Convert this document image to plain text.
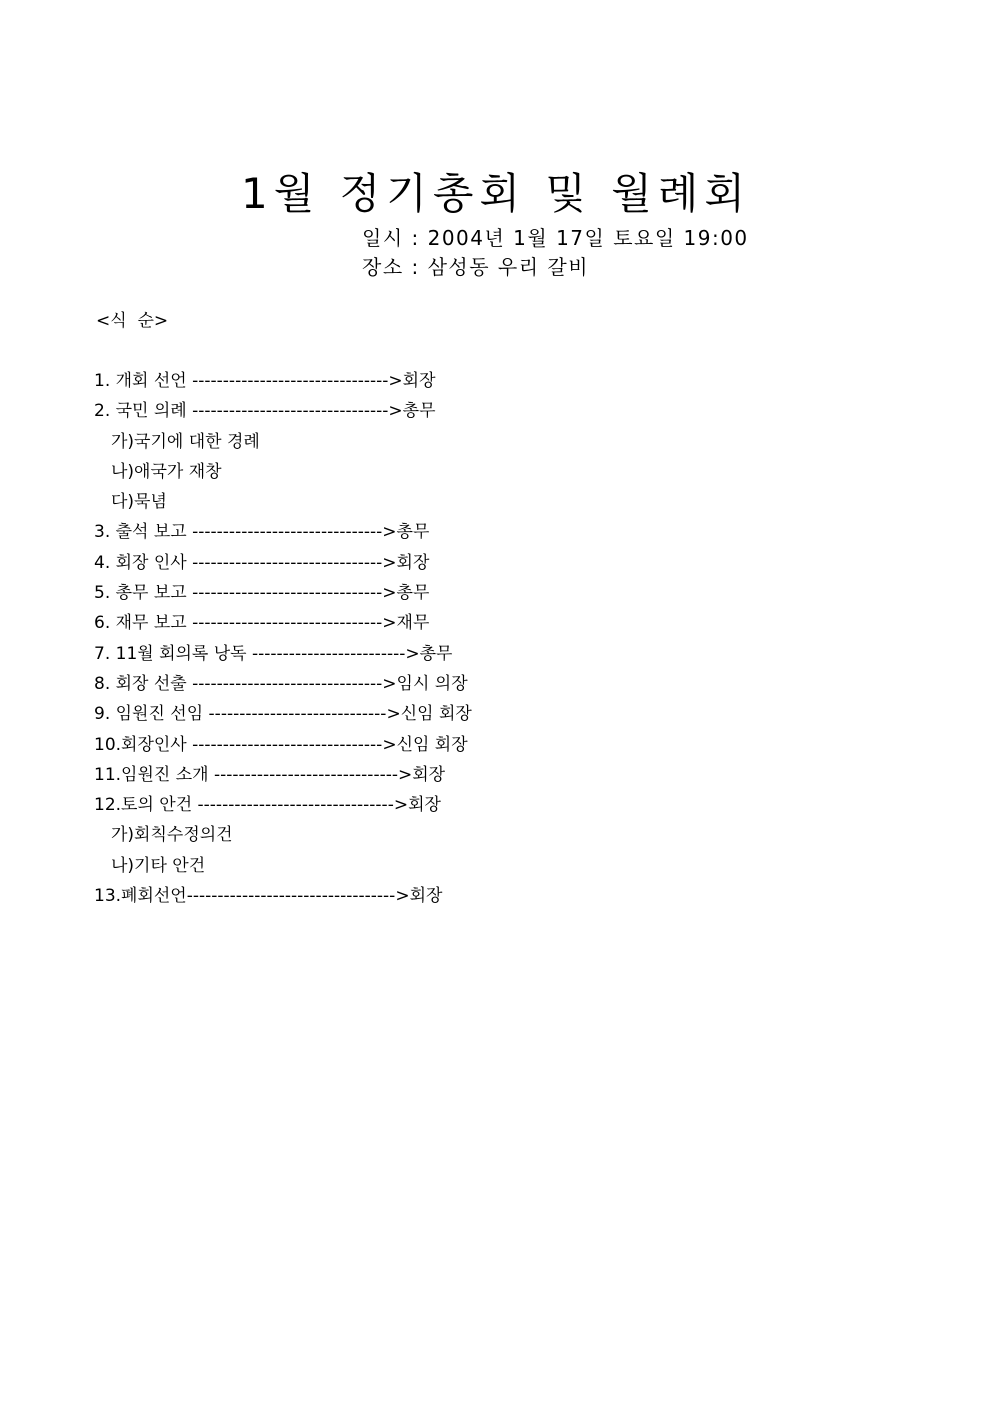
1월 정기총회 및 월례회
일시 : 2004년 1월 17일 토요일 19:00
장소 : 삼성동 우리 갈비
<식  순>
1. 개회 선언 -------------------------------->회장
2. 국민 의례 -------------------------------->총무
가)국기에 대한 경례
나)애국가 재창
다)묵념
3. 출석 보고 ------------------------------->총무
4. 회장 인사 ------------------------------->회장
5. 총무 보고 ------------------------------->총무
6. 재무 보고 ------------------------------->재무
7. 11월 회의록 낭독 ------------------------->총무
8. 회장 선출 ------------------------------->임시 의장
9. 임원진 선임 ----------------------------->신임 회장
10.회장인사 ------------------------------->신임 회장
11.임원진 소개 ------------------------------>회장
12.토의 안건 -------------------------------->회장
가)회칙수정의건
나)기타 안건
13.폐회선언---------------------------------->회장
